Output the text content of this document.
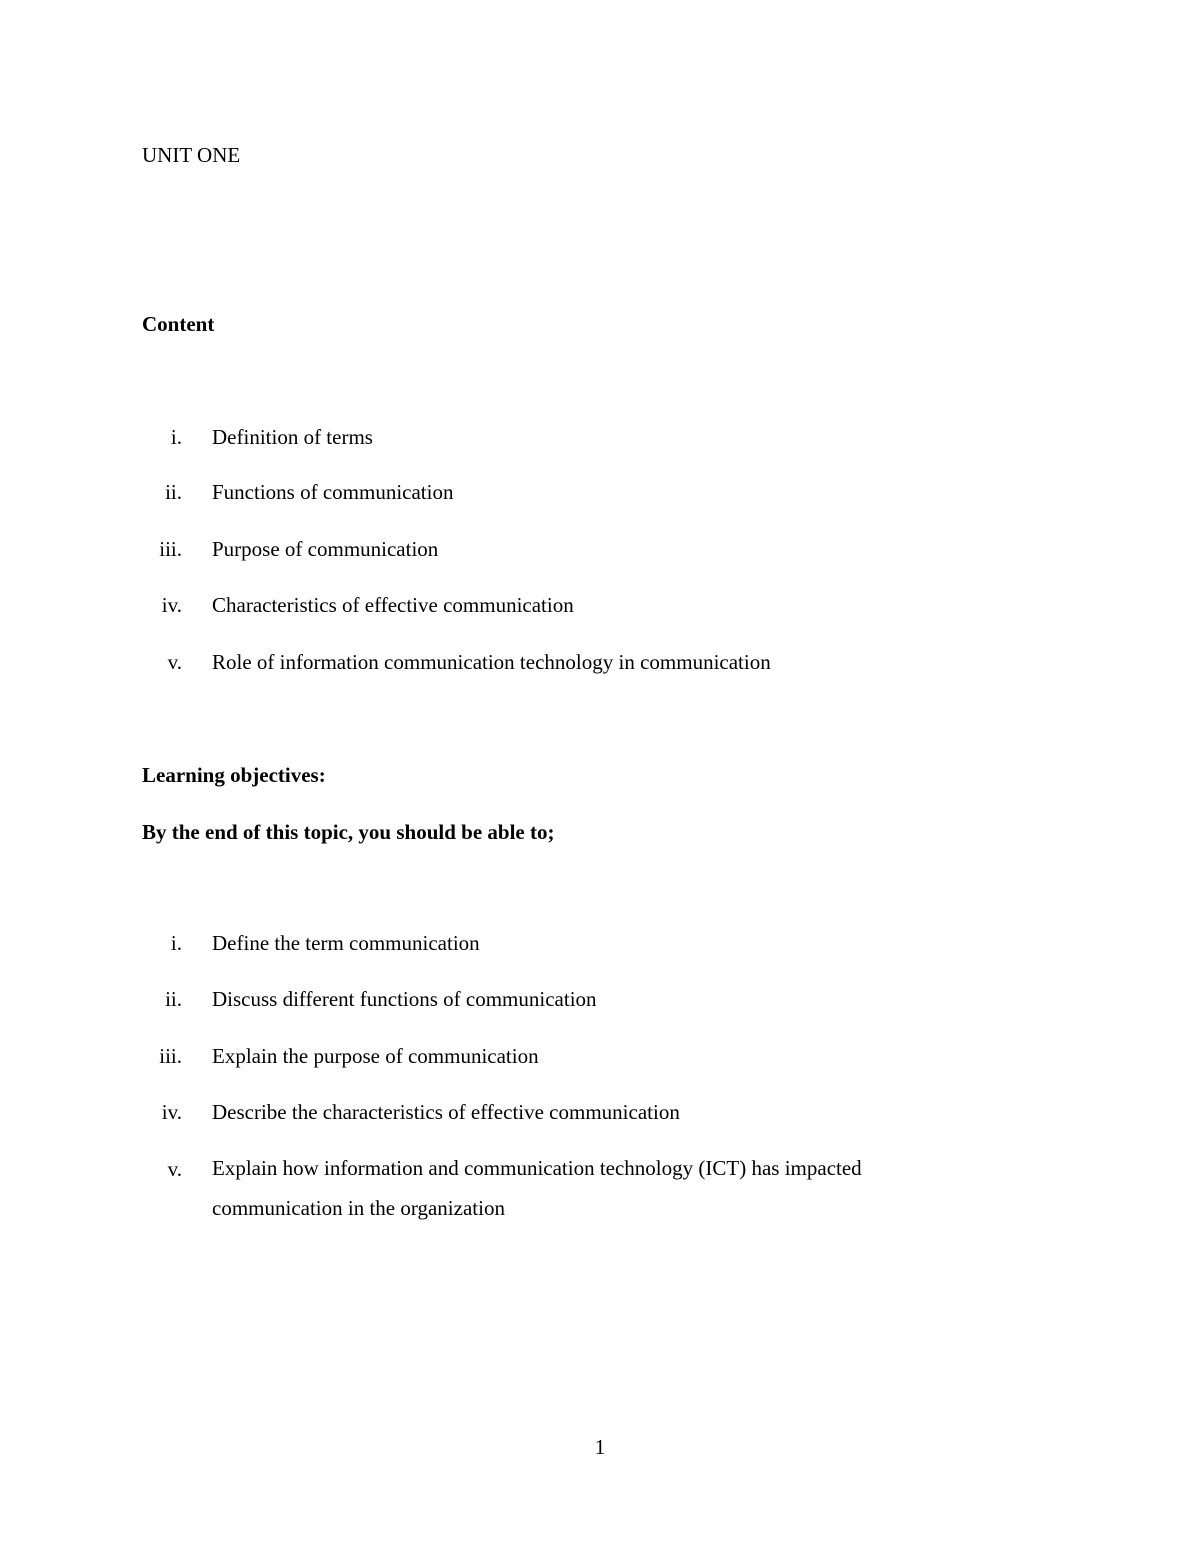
UNIT ONE
Content
i. Definition of terms
ii. Functions of communication
iii. Purpose of communication
iv. Characteristics of effective communication
v. Role of information communication technology in communication
Learning objectives:
By the end of this topic, you should be able to;
i. Define the term communication
ii. Discuss different functions of communication
iii. Explain the purpose of communication
iv. Describe the characteristics of effective communication
v. Explain how information and communication technology (ICT) has impacted communication in the organization
1
